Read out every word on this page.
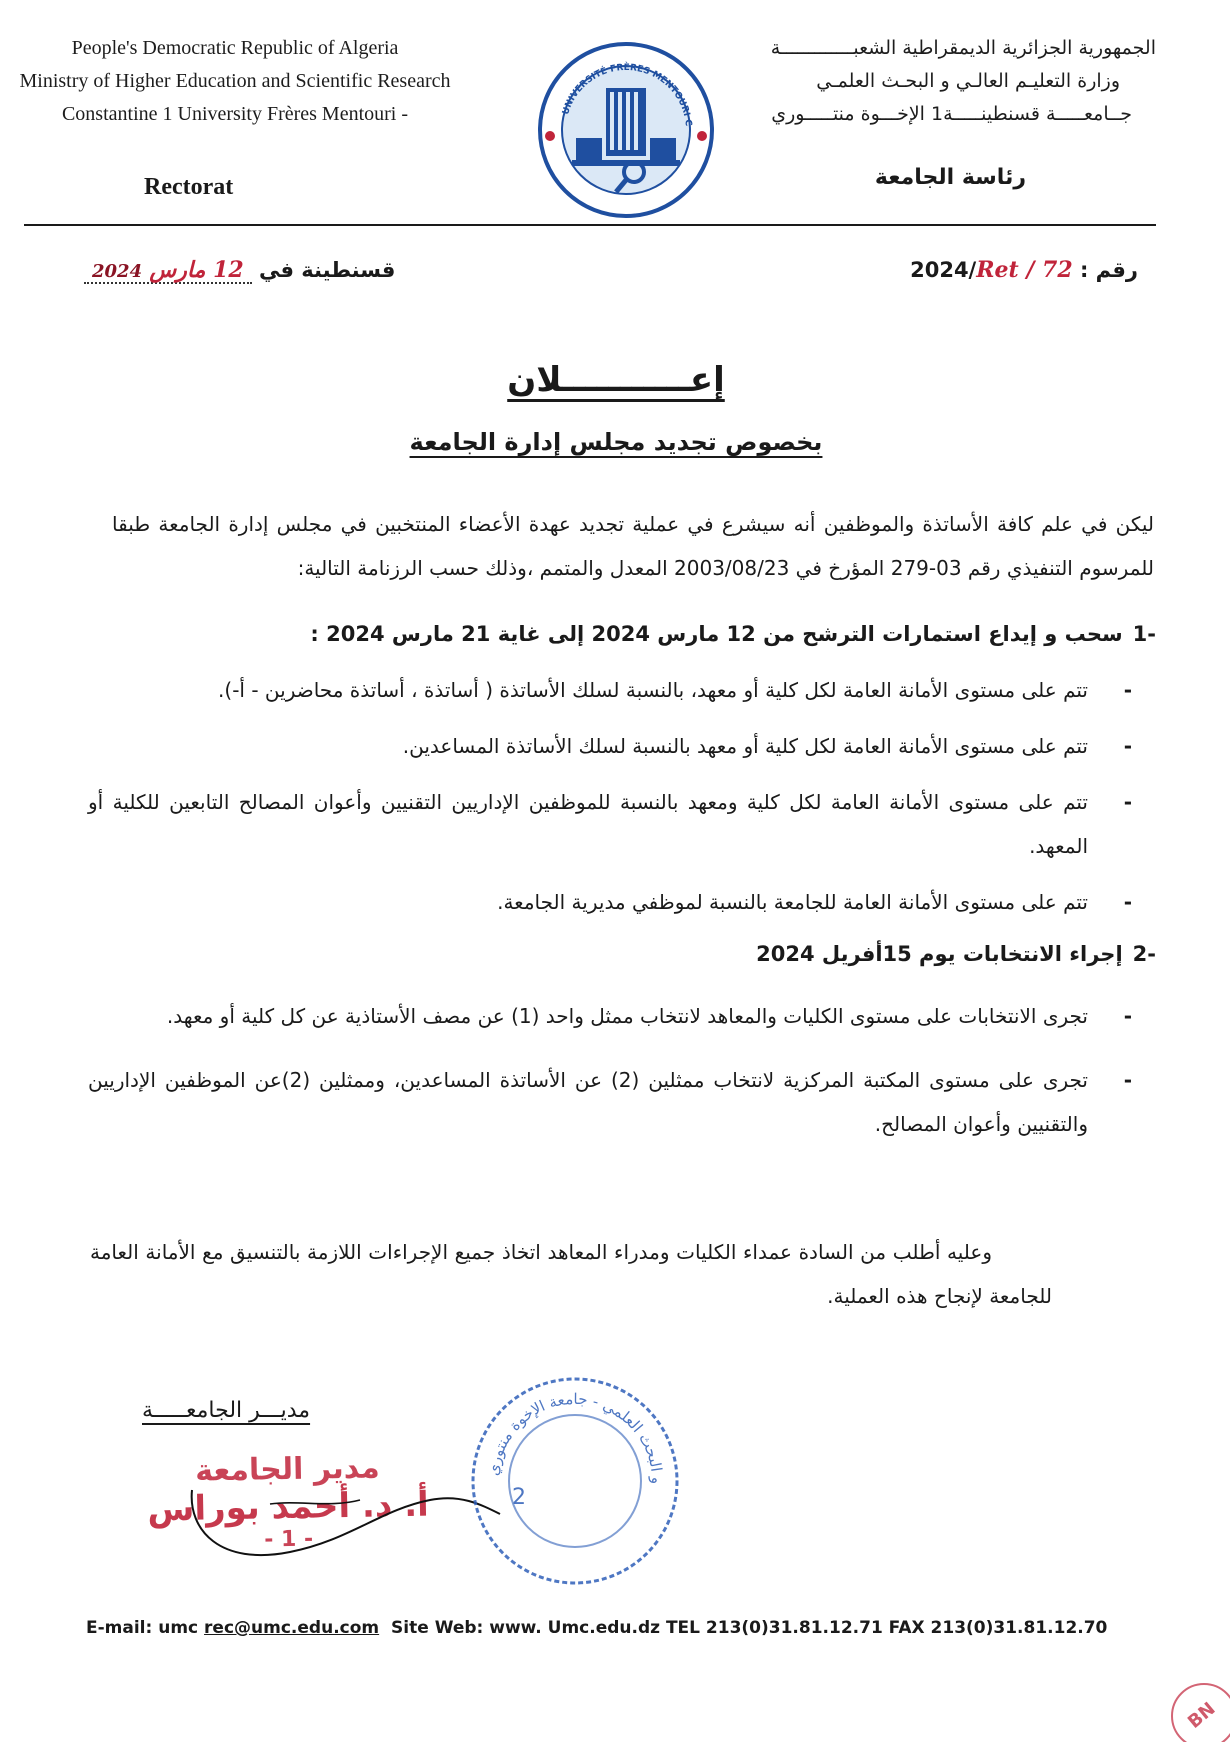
People's Democratic Republic of Algeria
Ministry of Higher Education and Scientific Research
Constantine 1 University Frères Mentouri -
Rectorat
UNIVERSITÉ FRÈRES MENTOURI C
الجمهورية الجزائرية الديمقراطية الشعبـــــــــــــة
وزارة التعليـم العالـي و البحـث العلمـي
جــامعـــــة قسنطينـــــة1 الإخـــوة منتـــــوري
رئاسة الجامعة
رقم : 2024/Ret / 72
قسنطينة في 12 مارس 2024
إعـــــــــــلان
بخصوص تجديد مجلس إدارة الجامعة
ليكن في علم كافة الأساتذة والموظفين أنه سيشرع في عملية تجديد عهدة الأعضاء المنتخبين في مجلس إدارة الجامعة طبقا للمرسوم التنفيذي رقم 03-279 المؤرخ في 2003/08/23 المعدل والمتمم ،وذلك حسب الرزنامة التالية:
-1سحب و إيداع استمارات الترشح من 12 مارس 2024 إلى غاية 21 مارس 2024 :
-
تتم على مستوى الأمانة العامة لكل كلية أو معهد، بالنسبة لسلك الأساتذة ( أساتذة ، أساتذة محاضرين - أ-).
-
تتم على مستوى الأمانة العامة لكل كلية أو معهد بالنسبة لسلك الأساتذة المساعدين.
-
تتم على مستوى الأمانة العامة لكل كلية ومعهد بالنسبة للموظفين الإداريين التقنيين وأعوان المصالح التابعين للكلية أو المعهد.
-
تتم على مستوى الأمانة العامة للجامعة بالنسبة لموظفي مديرية الجامعة.
-2إجراء الانتخابات يوم 15أفريل 2024
-
تجرى الانتخابات على مستوى الكليات والمعاهد لانتخاب ممثل واحد (1) عن مصف الأستاذية عن كل كلية أو معهد.
-
تجرى على مستوى المكتبة المركزية لانتخاب ممثلين (2) عن الأساتذة المساعدين، وممثلين (2)عن الموظفين الإداريين والتقنيين وأعوان المصالح.
وعليه أطلب من السادة عمداء الكليات ومدراء المعاهد اتخاذ جميع الإجراءات اللازمة بالتنسيق مع الأمانة العامة للجامعة لإنجاح هذه العملية.
مديـــر الجامعـــــة
مدير الجامعة
أ. د. أحمد بوراس
- 1 -
و البحث العلمي - جامعة الإخوة منتوري
2
E-mail: umc rec@umc.edu.com Site Web: www. Umc.edu.dz TEL 213(0)31.81.12.71 FAX 213(0)31.81.12.70
BN
